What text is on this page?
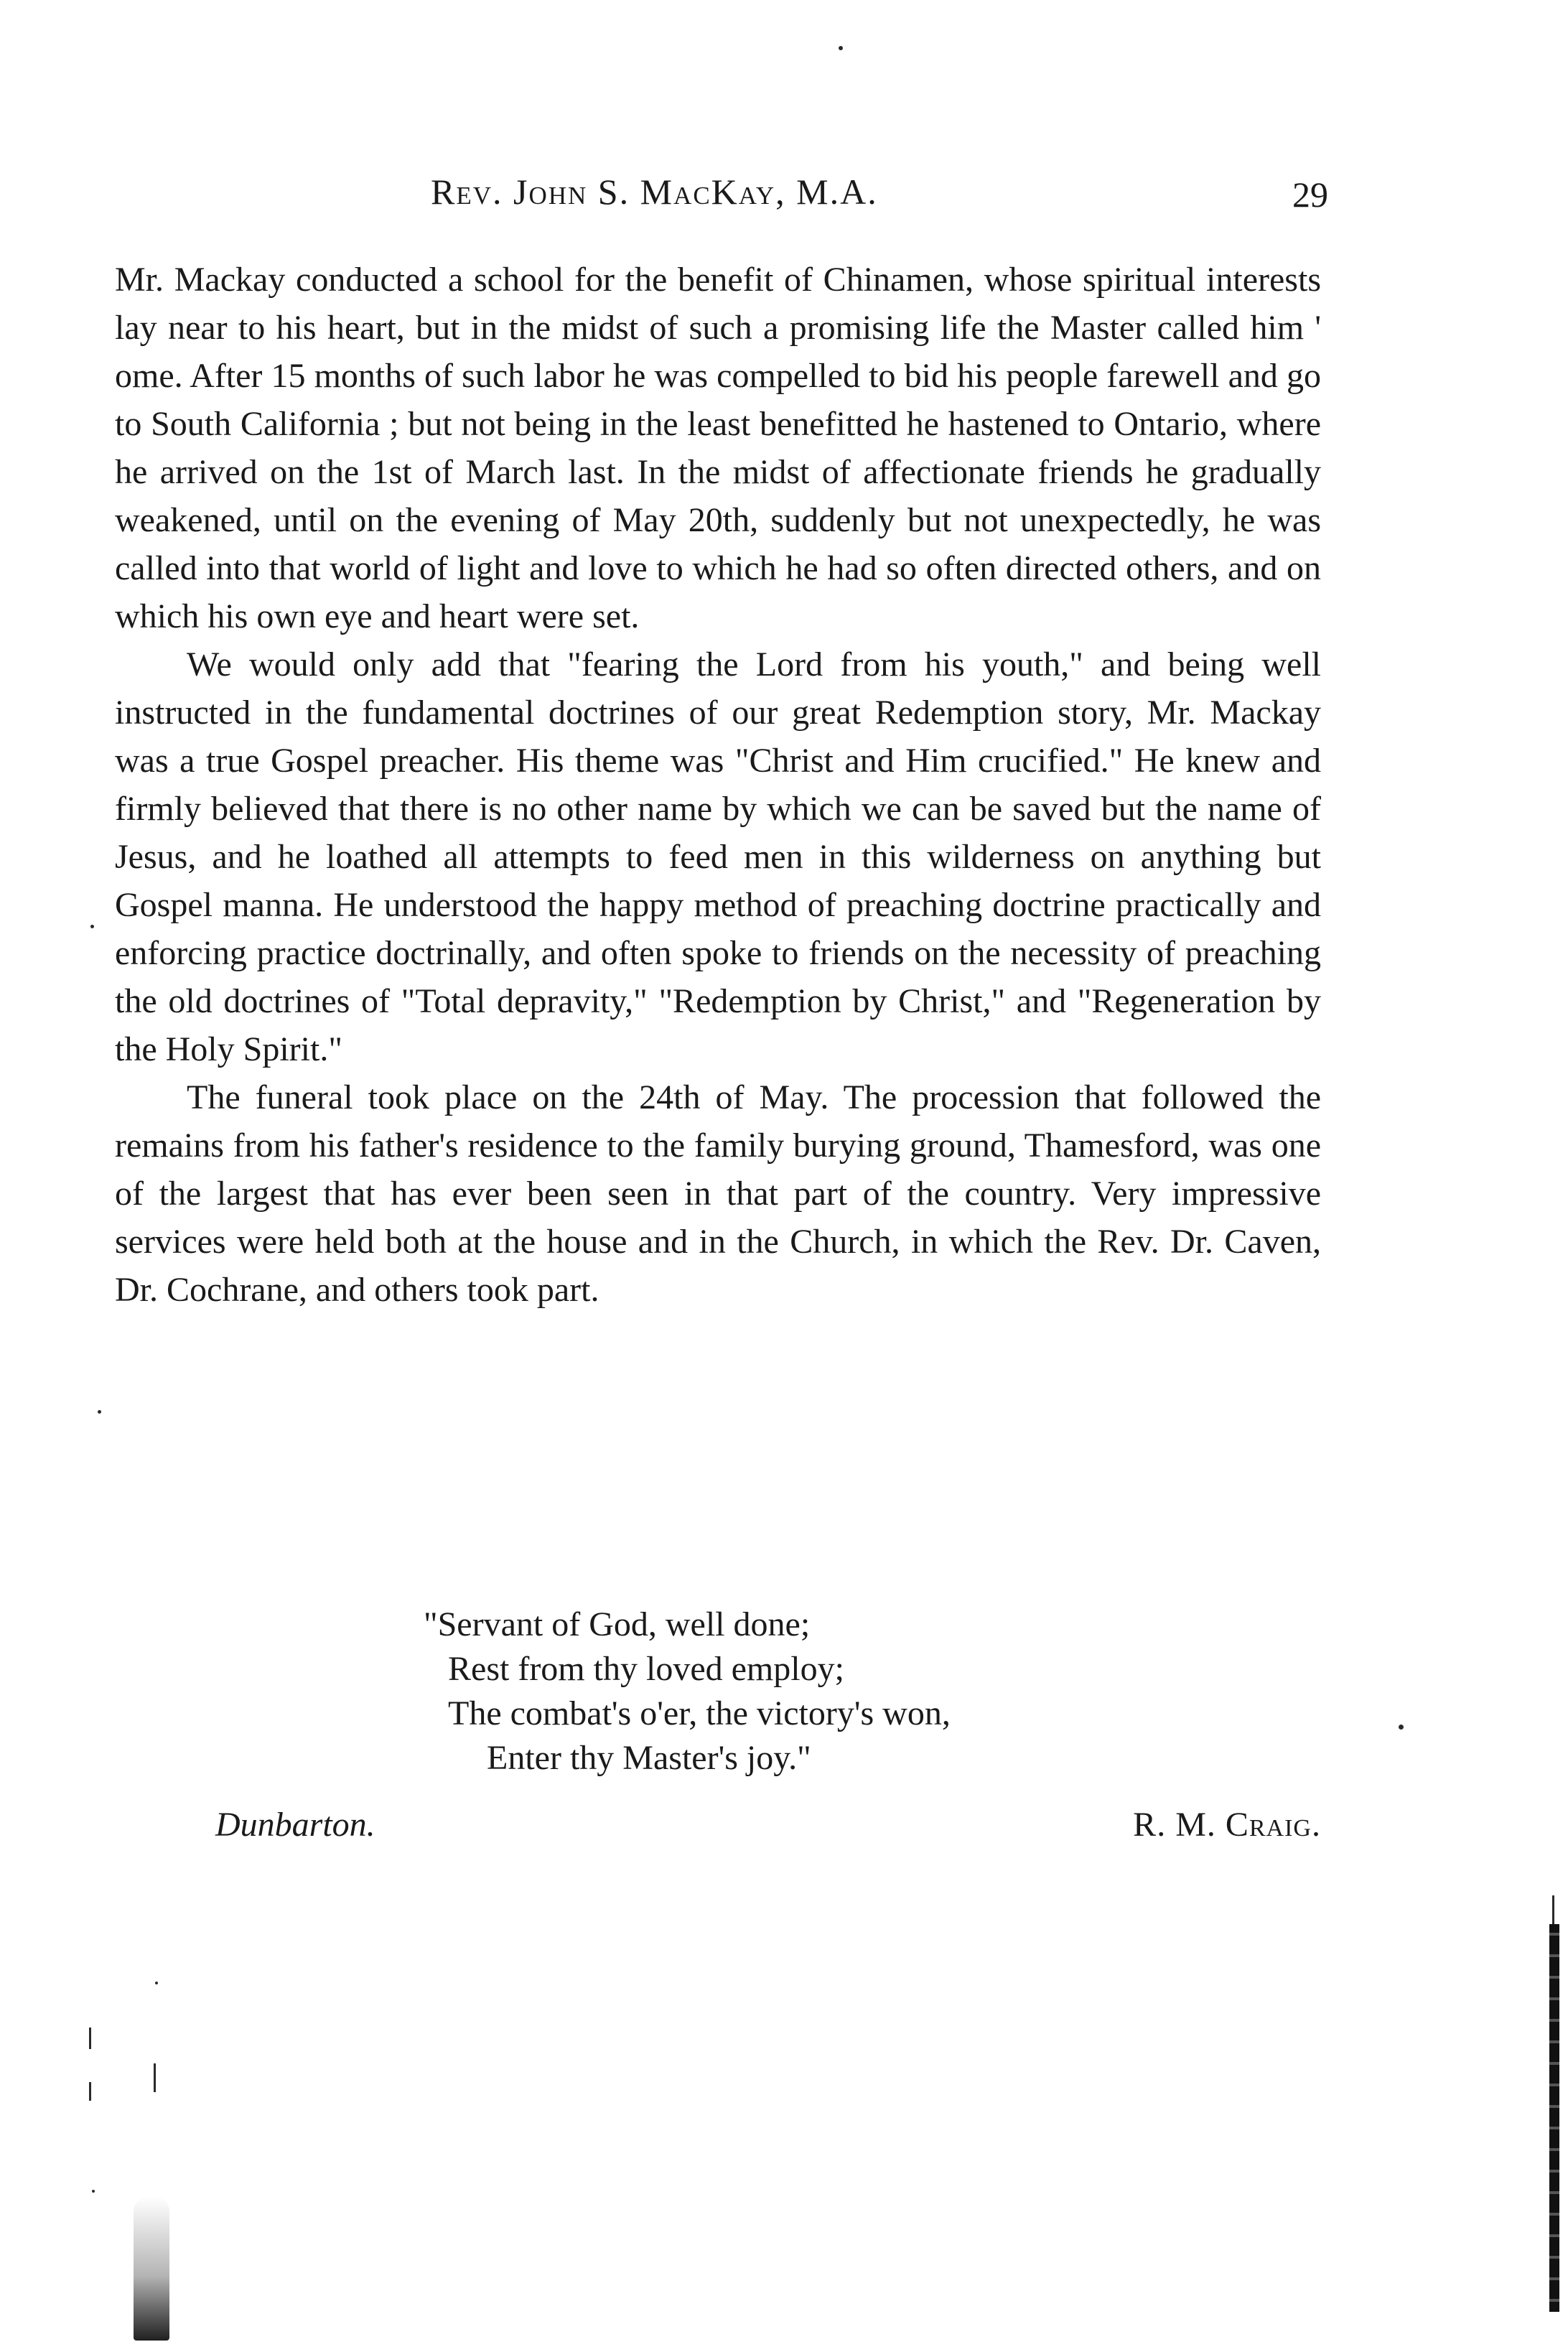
Rev. John S. MacKay, M.A.	29

Mr. Mackay conducted a school for the benefit of Chinamen, whose spiritual interests lay near to his heart, but in the midst of such a promising life the Master called him ' ome. After 15 months of such labor he was compelled to bid his people farewell and go to South California ; but not being in the least benefitted he hastened to Ontario, where he arrived on the 1st of March last. In the midst of affectionate friends he gradually weakened, until on the evening of May 20th, suddenly but not unexpectedly, he was called into that world of light and love to which he had so often directed others, and on which his own eye and heart were set.

We would only add that "fearing the Lord from his youth," and being well instructed in the fundamental doctrines of our great Redemption story, Mr. Mackay was a true Gospel preacher. His theme was "Christ and Him crucified." He knew and firmly believed that there is no other name by which we can be saved but the name of Jesus, and he loathed all attempts to feed men in this wilderness on anything but Gospel manna. He understood the happy method of preaching doctrine practically and enforcing practice doctrinally, and often spoke to friends on the necessity of preaching the old doctrines of "Total depravity," "Redemption by Christ," and "Regeneration by the Holy Spirit."

The funeral took place on the 24th of May. The procession that followed the remains from his father's residence to the family burying ground, Thamesford, was one of the largest that has ever been seen in that part of the country. Very impressive services were held both at the house and in the Church, in which the Rev. Dr. Caven, Dr. Cochrane, and others took part.

"Servant of God, well done;
Rest from thy loved employ;
The combat's o'er, the victory's won,
Enter thy Master's joy."
Dunbarton.	R. M. Craig.
